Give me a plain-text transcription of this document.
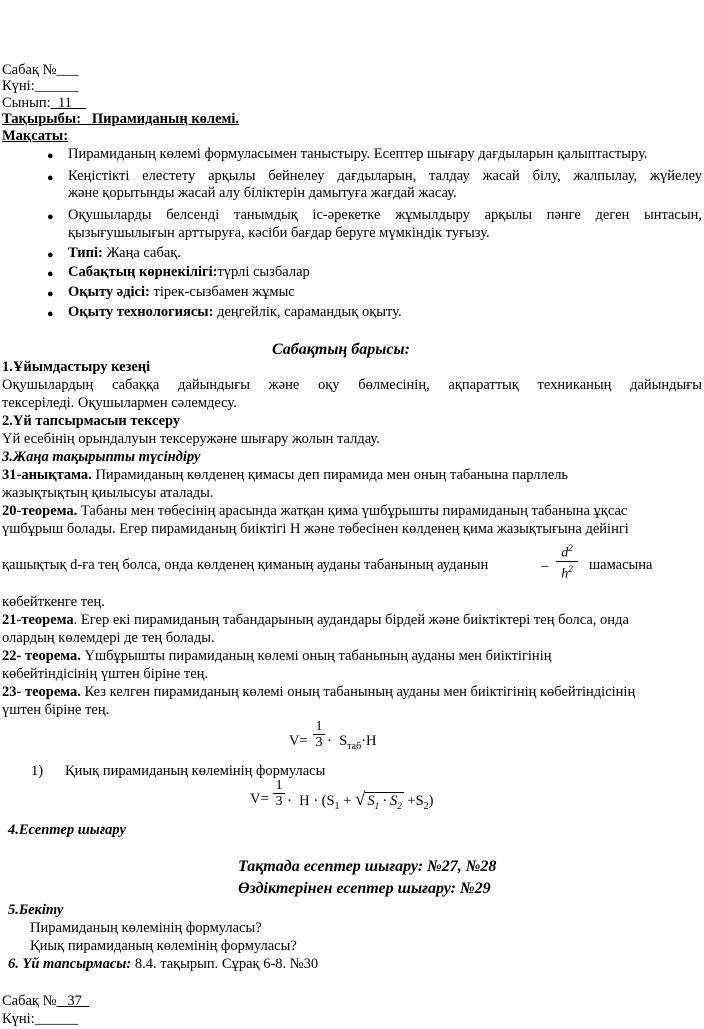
Сабақ №___
Күні:______
Сынып: 11
Тақырыбы: Пирамиданың көлемі.
Мақсаты:
● Пирамиданың көлемі формуласымен таныстыру. Есептер шығару дағдыларын қалыптастыру.
● Кеңістікті елестету арқылы бейнелеу дағдыларын, талдау жасай білу, жалпылау, жүйелеу
және қорытынды жасай алу біліктерін дамытуға жағдай жасау.
● Оқушыларды белсенді танымдық іс-әрекетке жұмылдыру арқылы пәнге деген ынтасын,
қызығушылығын арттыруға, кәсіби бағдар беруге мүмкіндік туғызу.
● Типі: Жаңа сабақ.
● Сабақтың көрнекілігі:түрлі сызбалар
● Оқыту әдісі: тірек-сызбамен жұмыс
● Оқыту технологиясы: деңгейлік, сарамандық оқыту.
Сабақтың барысы:
1.Ұйымдастыру кезеңі
Оқушылардың сабаққа дайындығы және оқу бөлмесінің, ақпараттық техниканың дайындығы
тексеріледі. Оқушылармен сәлемдесу.
2.Үй тапсырмасын тексеру
Үй есебінің орындалуын тексеружәне шығару жолын талдау.
3.Жаңа тақырыпты түсіндіру
31-анықтама. Пирамиданың көлденең қимасы деп пирамида мен оның табанына парллель
жазықтықтың қиылысуы аталады.
20-теорема. Табаны мен төбесінің арасында жатқан қима үшбұрышты пирамиданың табанына ұқсас
үшбұрыш болады. Егер пирамиданың биіктігі Н және төбесінен көлденең қима жазықтығына дейінгі
қашықтық d-ға тең болса, онда көлденең қиманың ауданы табанының ауданын	– $\frac{d^2}{h^2}$ шамасына
көбейткенге тең.
21-теорема. Егер екі пирамиданың табандарының аудандары бірдей және биіктіктері тең болса, онда
олардың көлемдері де тең болады.
22- теорема. Үшбұрышты пирамиданың көлемі оның табанының ауданы мен биіктігінің
көбейтіндісінің үштен біріне тең.
23- теорема. Кез келген пирамиданың көлемі оның табанының ауданы мен биіктігінің көбейтіндісінің
үштен біріне тең.
$V= \frac{1}{3} \cdot S_{таб}\cdot Н$
1) Қиық пирамиданың көлемінің формуласы
$V= \frac{1}{3} \cdot Н \cdot (S_1$ + √ $S_1 \cdot S_2 +S_2$)
4.Есептер шығару
Тақтада есептер шығару: №27, №28
Өздіктерінен есептер шығару: №29
5.Бекіту
Пирамиданың көлемінің формуласы?
Қиық пирамиданың көлемінің формуласы?
6. Үй тапсырмасы: 8.4. тақырып. Сұрақ 6-8. №30
Сабақ № 37
Күні:______
